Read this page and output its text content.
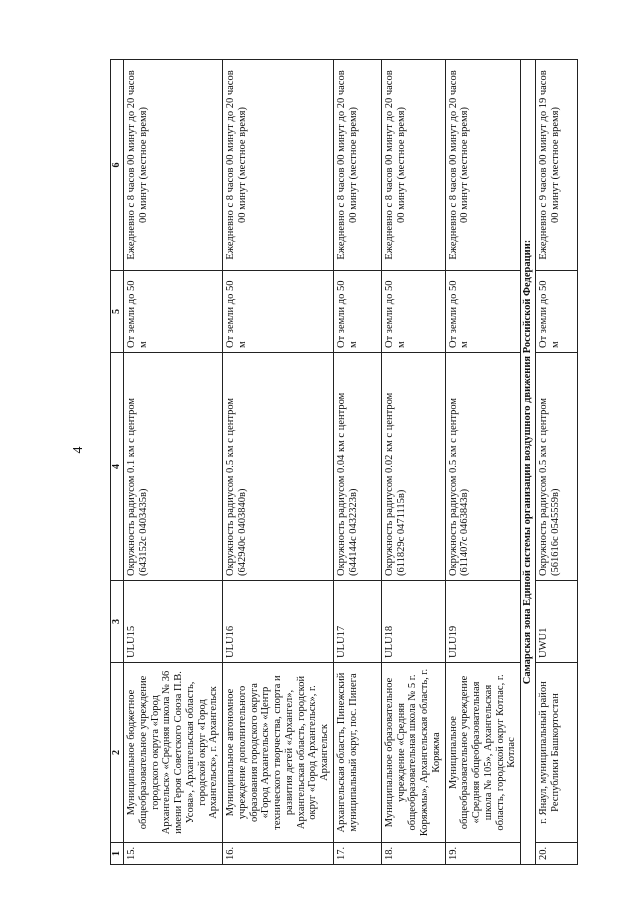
4
1	2	3	4	5	6
15.	Муниципальное бюджетное общеобразовательное учреждение городского округа «Город Архангельск» «Средняя школа № 36 имени Героя Советского Союза П.В. Усова», Архангельская область, городской округ «Город Архангельск», г. Архангельск	ULU15	Окружность радиусом 0.1 км с центром (643152с 0403435в)	От земли до 50 м	Ежедневно с 8 часов 00 минут до 20 часов 00 минут (местное время)
16.	Муниципальное автономное учреждение дополнительного образования городского округа «Город Архангельск» «Центр технического творчества, спорта и развития детей «Архангел», Архангельская область, городской округ «Город Архангельск», г. Архангельск	ULU16	Окружность радиусом 0.5 км с центром (642940с 0403840в)	От земли до 50 м	Ежедневно с 8 часов 00 минут до 20 часов 00 минут (местное время)
17.	Архангельская область, Пинежский муниципальный округ, пос. Пинега	ULU17	Окружность радиусом 0.04 км с центром (644144с 0432323в)	От земли до 50 м	Ежедневно с 8 часов 00 минут до 20 часов 00 минут (местное время)
18.	Муниципальное образовательное учреждение «Средняя общеобразовательная школа № 5 г. Коряжмы», Архангельская область, г. Коряжма	ULU18	Окружность радиусом 0.02 км с центром (611829с 0471115в)	От земли до 50 м	Ежедневно с 8 часов 00 минут до 20 часов 00 минут (местное время)
19.	Муниципальное общеобразовательное учреждение «Средняя общеобразовательная школа № 105», Архангельская область, городской округ Котлас, г. Котлас	ULU19	Окружность радиусом 0.5 км с центром (611407с 0463843в)	От земли до 50 м	Ежедневно с 8 часов 00 минут до 20 часов 00 минут (местное время)
Самарская зона Единой системы организации воздушного движения Российской Федерации:					
20.	г. Янаул, муниципальный район Республики Башкортостан	UWU1	Окружность радиусом 0.5 км с центром (561616с 0545559в)	От земли до 50 м	Ежедневно с 9 часов 00 минут до 19 часов 00 минут (местное время)
